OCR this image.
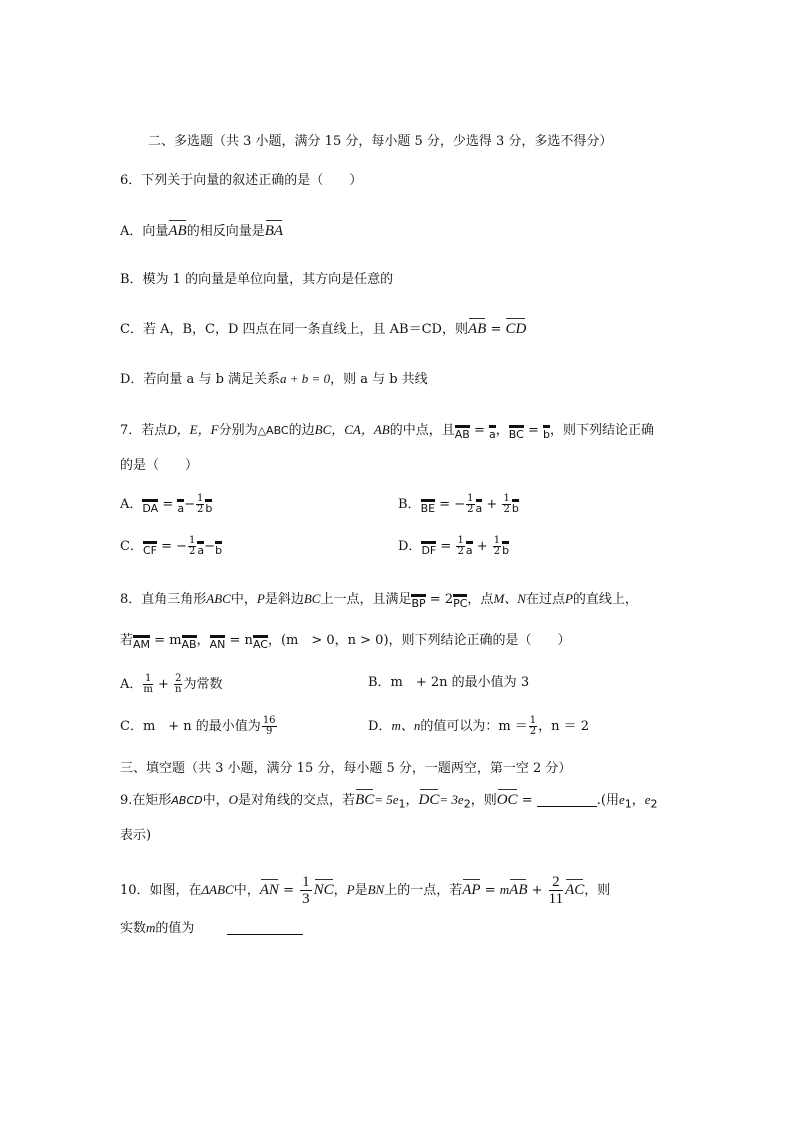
二、多选题（共 3 小题，满分 15 分，每小题 5 分，少选得 3 分，多选不得分）
6．下列关于向量的叙述正确的是（　　）
A．向量AB的相反向量是BA
B．模为 1 的向量是单位向量，其方向是任意的
C．若 A，B，C，D 四点在同一条直线上，且 AB＝CD，则AB = CD
D．若向量 a 与 b 满足关系a + b = 0，则 a 与 b 共线
7．若点D，E，F分别为△ABC的边BC，CA，AB的中点，且AB = a，BC = b，则下列结论正确
的是（　　）
A．DA = $a- \frac{1}{2}$ b	B．BE = − $\frac{1}{2}$ $a + \frac{1}{2}$ b
C．CF = − $\frac{1}{2} a-b$	D．DF = $\frac{1}{2}$ $a + \frac{1}{2}$ b
8．直角三角形ABC中，P是斜边BC上一点，且满足BP = 2PC，点M、N在过点P的直线上，
若AM = mAB，AN = nAC，(m　> 0，n > 0)，则下列结论正确的是（　　）
A． $\frac{1}{m} + \frac{2}{n}$ 为常数	B．m　+ 2n 的最小值为 3
C．m　+ n 的最小值为 $\frac{16}{9}$	D．m、n的值可以为：$m = \frac{1}{2}$ ，n ＝ 2
三、填空题（共 3 小题，满分 15 分，每小题 5 分，一题两空，第一空 2 分）
9.在矩形ABCD中，O是对角线的交点，若$BC= 5e_1$，$DC= 3e_2$，则OC =	.(用$e_1$，$e_2$
表示)
10．如图，在ΔABC中，AN = $\frac{1}{3}$ NC，P是BN上的一点，若AP = mAB + $\frac{2}{11}$ AC，则
实数m的值为
